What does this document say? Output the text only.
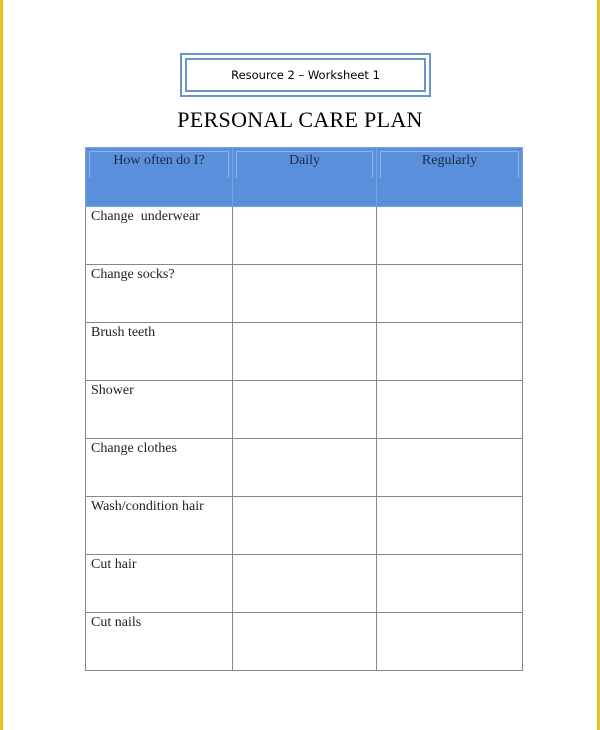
Resource 2 – Worksheet 1
PERSONAL CARE PLAN
How often do I?	Daily	Regularly

Change  underwear		
Change socks?		
Brush teeth		
Shower		
Change clothes		
Wash/condition hair		
Cut hair		
Cut nails		
